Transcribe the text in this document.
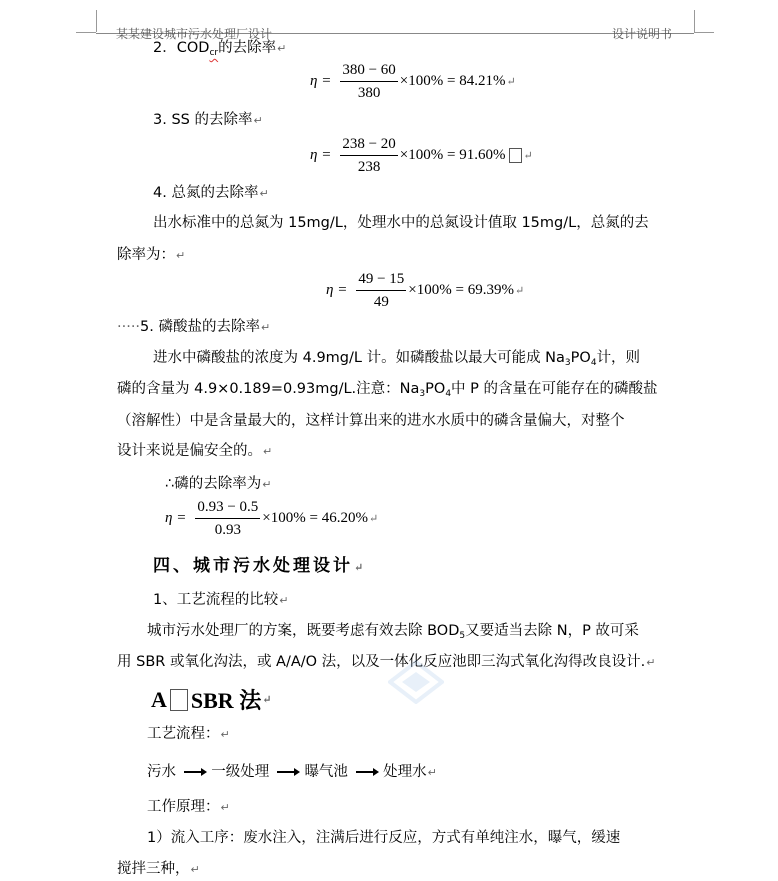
某某建设城市污水处理厂设计	设计说明书
2．$COD_{cr}$的去除率↵
$\eta = \frac{380 - 60}{380} \times 100\% = 84.21\%$ ↵
3. SS 的去除率↵
$\eta = \frac{238 - 20}{238} \times 100\% = 91.60\%$ ↵
4. 总氮的去除率↵
出水标准中的总氮为 15mg/L，处理水中的总氮设计值取 15mg/L，总氮的去
除率为：↵
$\eta = \frac{49 - 15}{49} \times 100\% = 69.39\%$ ↵
·····5. 磷酸盐的去除率↵
进水中磷酸盐的浓度为 4.9mg/L 计。如磷酸盐以最大可能成 $Na_3PO_4$计，则
磷的含量为 4.9×0.189=0.93mg/L.注意：$Na_3PO_4$中 P 的含量在可能存在的磷酸盐
（溶解性）中是含量最大的，这样计算出来的进水水质中的磷含量偏大，对整个
设计来说是偏安全的。↵
∴磷的去除率为↵
$\eta = \frac{0.93 - 0.5}{0.93} \times 100\% = 46.20\%$ ↵
四、城市污水处理设计↵
1、工艺流程的比较↵
城市污水处理厂的方案，既要考虑有效去除 $BOD_5$又要适当去除 N，P 故可采
用 SBR 或氧化沟法，或 A/A/O 法，以及一体化反应池即三沟式氧化沟得改良设计.↵
A SBR 法 ↵
工艺流程：↵
污水 一级处理 曝气池 处理水↵
工作原理：↵
1）流入工序：废水注入，注满后进行反应，方式有单纯注水，曝气，缓速
搅拌三种，↵
